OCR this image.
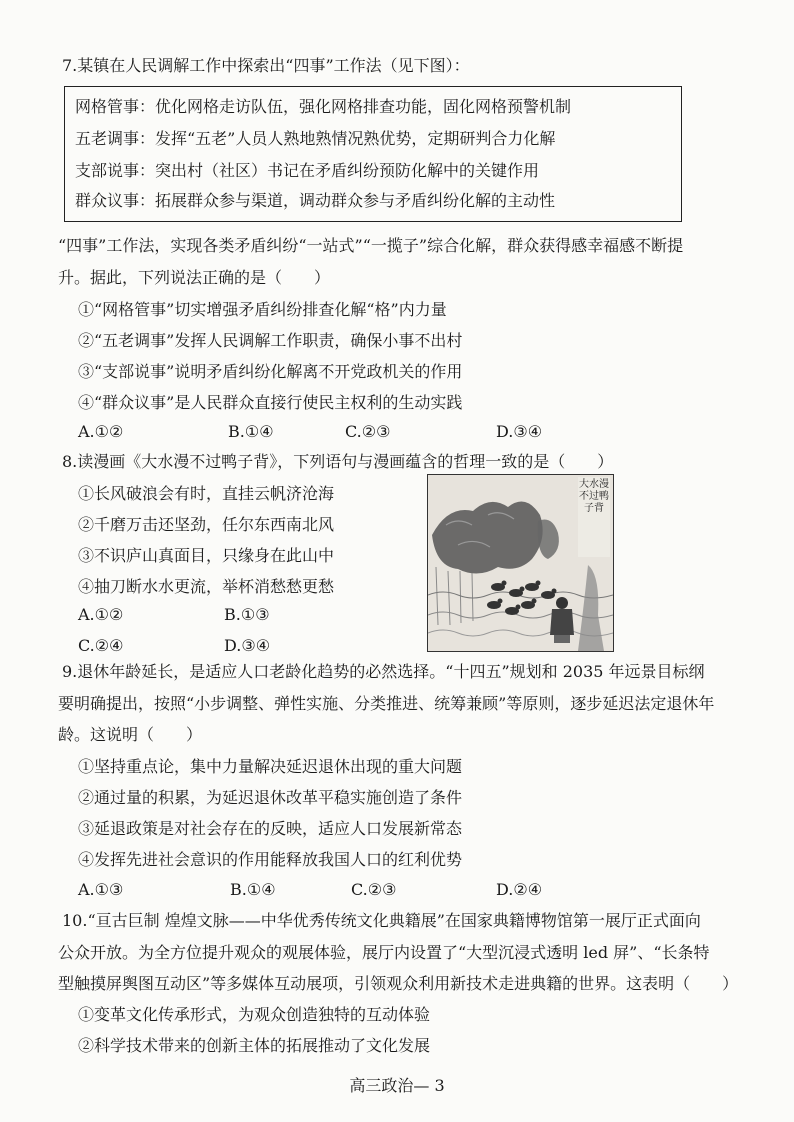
7.某镇在人民调解工作中探索出“四事”工作法（见下图）：
网格管事：优化网格走访队伍，强化网格排查功能，固化网格预警机制
五老调事：发挥“五老”人员人熟地熟情况熟优势，定期研判合力化解
支部说事：突出村（社区）书记在矛盾纠纷预防化解中的关键作用
群众议事：拓展群众参与渠道，调动群众参与矛盾纠纷化解的主动性
“四事”工作法，实现各类矛盾纠纷“一站式”“一揽子”综合化解，群众获得感幸福感不断提
升。据此，下列说法正确的是（　　）
①“网格管事”切实增强矛盾纠纷排查化解“格”内力量
②“五老调事”发挥人民调解工作职责，确保小事不出村
③“支部说事”说明矛盾纠纷化解离不开党政机关的作用
④“群众议事”是人民群众直接行使民主权利的生动实践
A.①②	B.①④	C.②③	D.③④
8.读漫画《大水漫不过鸭子背》，下列语句与漫画蕴含的哲理一致的是（　　）
①长风破浪会有时，直挂云帆济沧海
②千磨万击还坚劲，任尔东西南北风
③不识庐山真面目，只缘身在此山中
④抽刀断水水更流，举杯消愁愁更愁
A.①②	B.①③
C.②④	D.③④
大水漫不过鸭子背
9.退休年龄延长，是适应人口老龄化趋势的必然选择。“十四五”规划和 2035 年远景目标纲
要明确提出，按照“小步调整、弹性实施、分类推进、统筹兼顾”等原则，逐步延迟法定退休年
龄。这说明（　　）
①坚持重点论，集中力量解决延迟退休出现的重大问题
②通过量的积累，为延迟退休改革平稳实施创造了条件
③延退政策是对社会存在的反映，适应人口发展新常态
④发挥先进社会意识的作用能释放我国人口的红利优势
A.①③	B.①④	C.②③	D.②④
10.“亘古巨制 煌煌文脉——中华优秀传统文化典籍展”在国家典籍博物馆第一展厅正式面向
公众开放。为全方位提升观众的观展体验，展厅内设置了“大型沉浸式透明 led 屏”、“长条特
型触摸屏舆图互动区”等多媒体互动展项，引领观众利用新技术走进典籍的世界。这表明（　　）
①变革文化传承形式，为观众创造独特的互动体验
②科学技术带来的创新主体的拓展推动了文化发展
高三政治— 3
